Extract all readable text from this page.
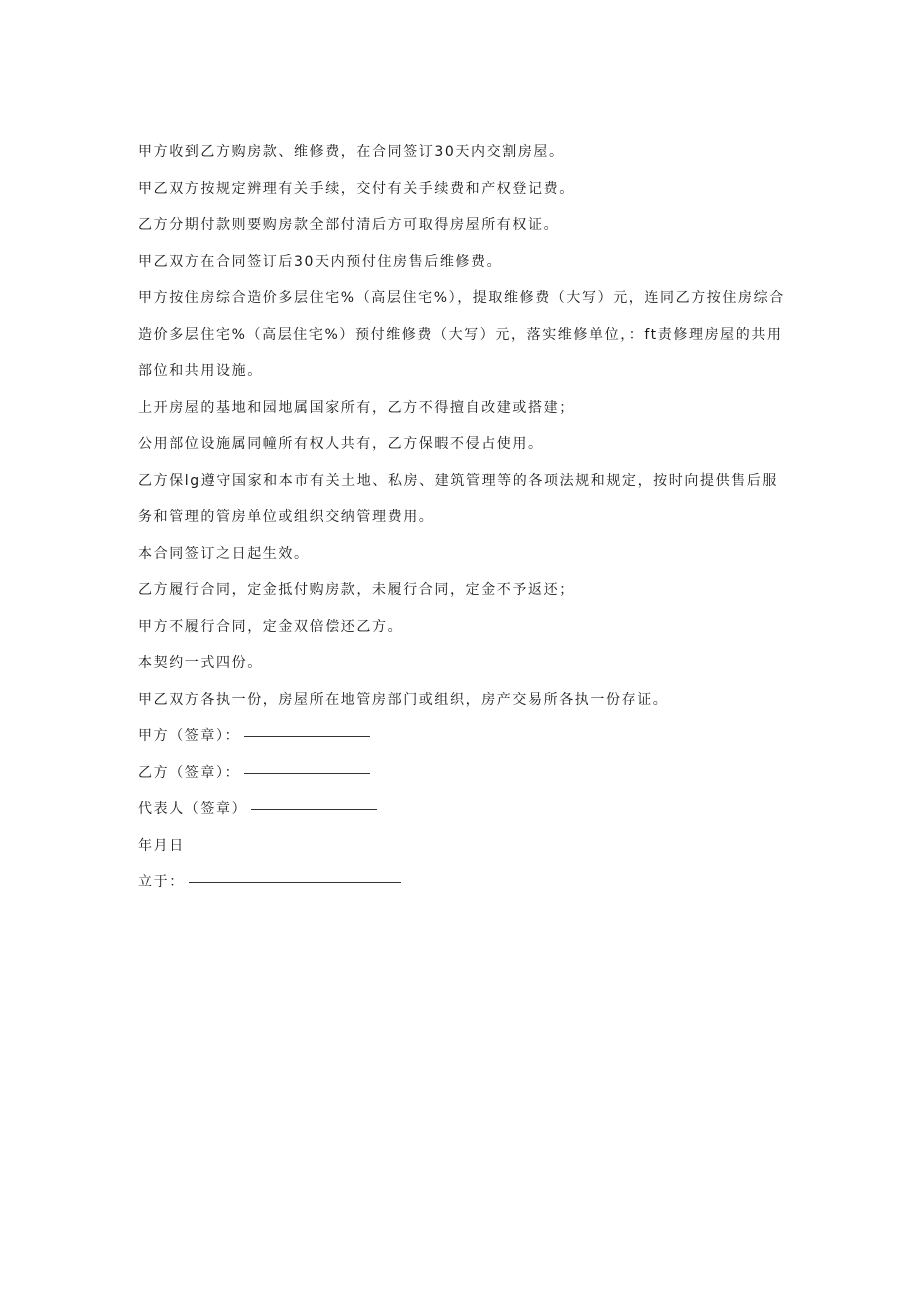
甲方收到乙方购房款、维修费，在合同签订30天内交割房屋。

甲乙双方按规定辨理有关手续，交付有关手续费和产权登记费。

乙方分期付款则要购房款全部付清后方可取得房屋所有权证。

甲乙双方在合同签订后30天内预付住房售后维修费。

甲方按住房综合造价多层住宅%（高层住宅%），提取维修费（大写）元，连同乙方按住房综合造价多层住宅%（高层住宅%）预付维修费（大写）元，落实维修单位，：ft责修理房屋的共用部位和共用设施。

上开房屋的基地和园地属国家所有，乙方不得擅自改建或搭建；

公用部位设施属同幢所有权人共有，乙方保暇不侵占使用。

乙方保lg遵守国家和本市有关土地、私房、建筑管理等的各项法规和规定，按时向提供售后服务和管理的管房单位或组织交纳管理费用。

本合同签订之日起生效。

乙方履行合同，定金抵付购房款，未履行合同，定金不予返还；

甲方不履行合同，定金双倍偿还乙方。

本契约一式四份。

甲乙双方各执一份，房屋所在地管房部门或组织，房产交易所各执一份存证。

甲方（签章）：
乙方（签章）：
代表人（签章）
年月日
立于：
